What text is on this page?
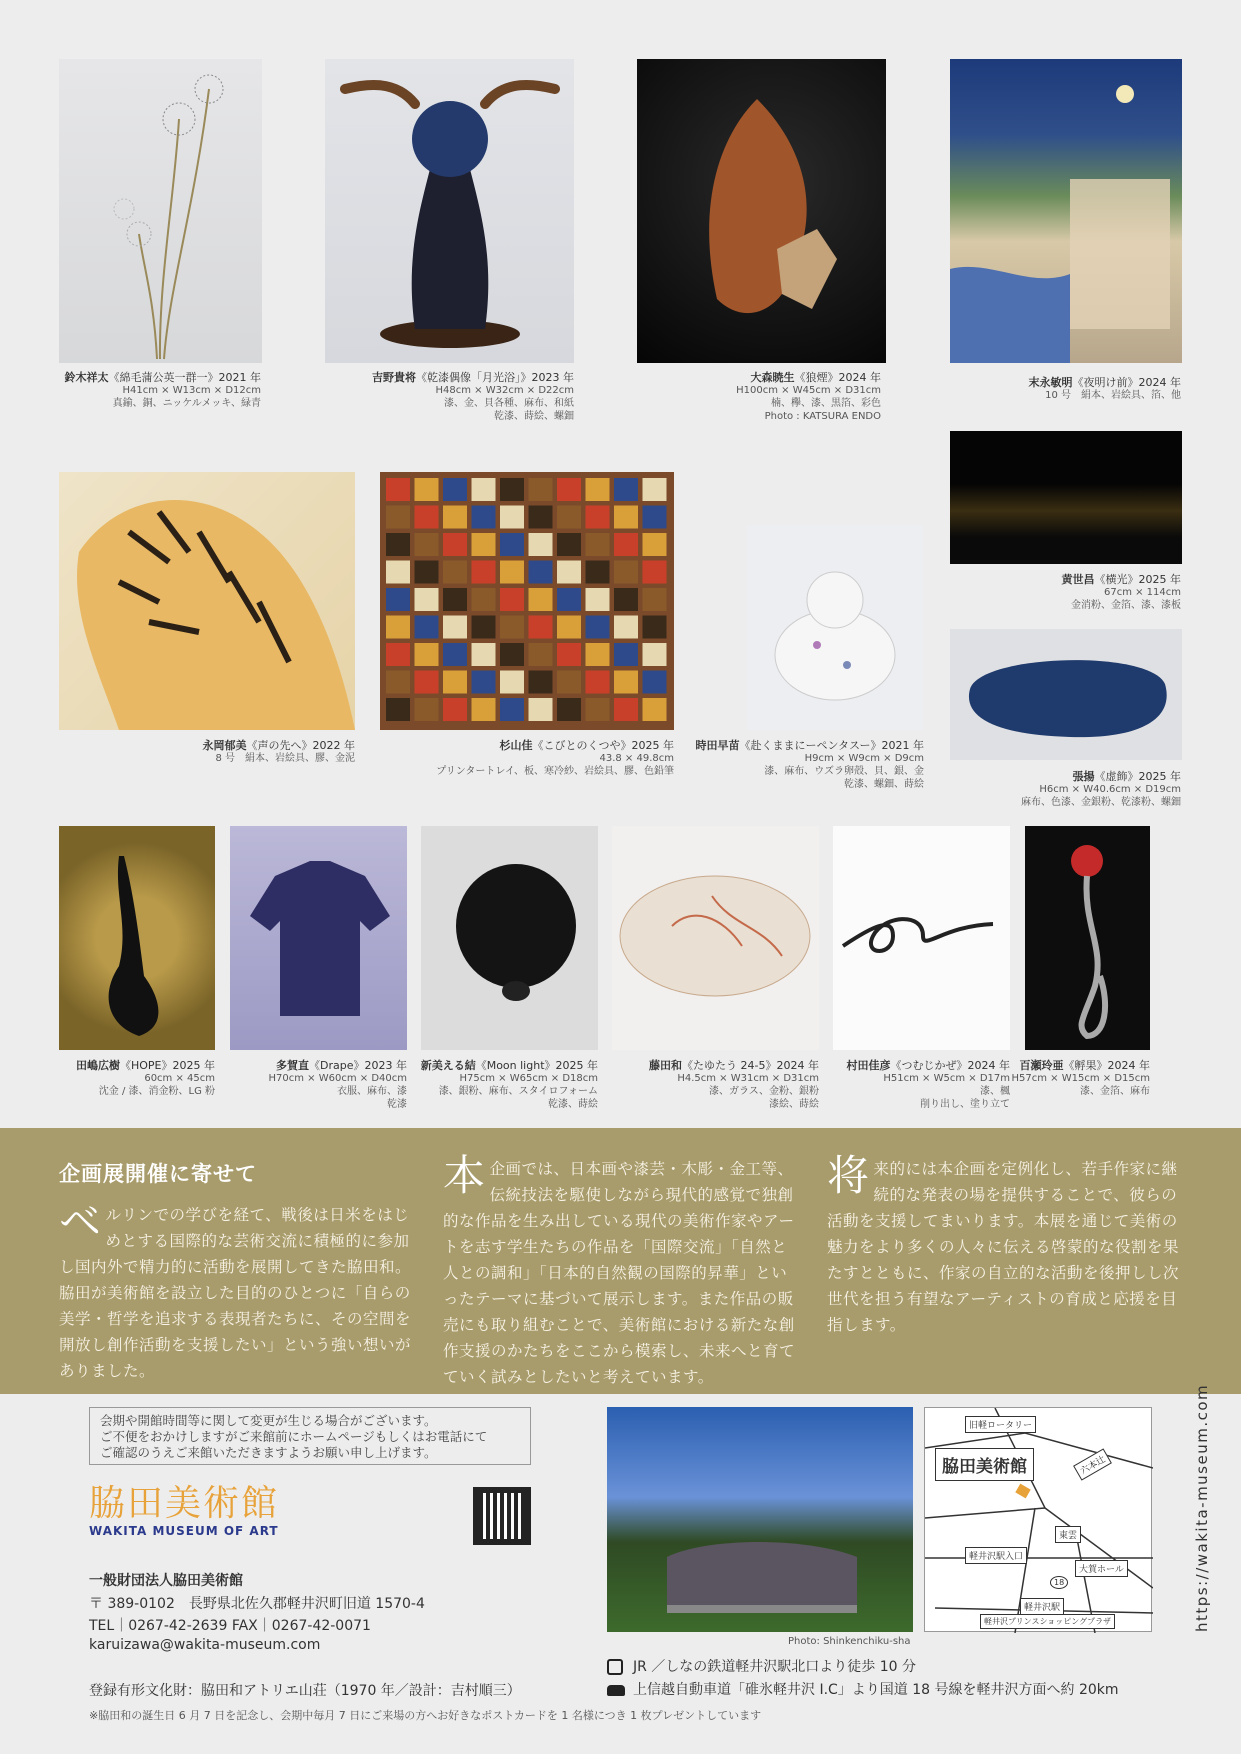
鈴木祥太《綿毛蒲公英一群一》2021 年
H41cm × W13cm × D12cm
真鍮、銅、ニッケルメッキ、緑青
吉野貴将《乾漆偶像「月光浴」》2023 年
H48cm × W32cm × D22cm
漆、金、貝各種、麻布、和紙
乾漆、蒔絵、螺鈿
大森暁生《狼煙》2024 年
H100cm × W45cm × D31cm
楠、欅、漆、黒箔、彩色
Photo : KATSURA ENDO
末永敏明《夜明け前》2024 年
10 号　絹本、岩絵具、箔、他
黄世昌《横光》2025 年
67cm × 114cm
金消粉、金箔、漆、漆板
永岡郁美《声の先へ》2022 年
8 号　絹本、岩絵具、膠、金泥
杉山佳《こびとのくつや》2025 年
43.8 × 49.8cm
プリンタートレイ、板、寒冷紗、岩絵具、膠、色鉛筆
時田早苗《赴くままにーペンタスー》2021 年
H9cm × W9cm × D9cm
漆、麻布、ウズラ卵殻、貝、銀、金
乾漆、螺鈿、蒔絵
張揚《虚飾》2025 年
H6cm × W40.6cm × D19cm
麻布、色漆、金銀粉、乾漆粉、螺鈿
田嶋広樹《HOPE》2025 年
60cm × 45cm
沈金 / 漆、消金粉、LG 粉
多賀直《Drape》2023 年
H70cm × W60cm × D40cm
衣服、麻布、漆
乾漆
新美える結《Moon light》2025 年
H75cm × W65cm × D18cm
漆、銀粉、麻布、スタイロフォーム
乾漆、蒔絵
藤田和《たゆたう 24-5》2024 年
H4.5cm × W31cm × D31cm
漆、ガラス、金粉、銀粉
漆絵、蒔絵
村田佳彦《つむじかぜ》2024 年
H51cm × W5cm × D17m
漆、楓
削り出し、塗り立て
百瀬玲亜《孵果》2024 年
H57cm × W15cm × D15cm
漆、金箔、麻布
企画展開催に寄せて
ベルリンでの学びを経て、戦後は日米をはじめとする国際的な芸術交流に積極的に参加し国内外で精力的に活動を展開してきた脇田和。脇田が美術館を設立した目的のひとつに「自らの美学・哲学を追求する表現者たちに、その空間を開放し創作活動を支援したい」という強い想いがありました。
本企画では、日本画や漆芸・木彫・金工等、伝統技法を駆使しながら現代的感覚で独創的な作品を生み出している現代の美術作家やアートを志す学生たちの作品を「国際交流」「自然と人との調和」「日本的自然観の国際的昇華」といったテーマに基づいて展示します。また作品の販売にも取り組むことで、美術館における新たな創作支援のかたちをここから模索し、未来へと育てていく試みとしたいと考えています。
将来的には本企画を定例化し、若手作家に継続的な発表の場を提供することで、彼らの活動を支援してまいります。本展を通じて美術の魅力をより多くの人々に伝える啓蒙的な役割を果たすとともに、作家の自立的な活動を後押しし次世代を担う有望なアーティストの育成と応援を目指します。
会期や開館時間等に関して変更が生じる場合がございます。
ご不便をおかけしますがご来館前にホームページもしくはお電話にて
ご確認のうえご来館いただきますようお願い申し上げます。
脇田美術館
WAKITA MUSEUM OF ART
一般財団法人脇田美術館
〒 389-0102　長野県北佐久郡軽井沢町旧道 1570-4
TEL｜0267-42-2639 FAX｜0267-42-0071
karuizawa@wakita-museum.com
登録有形文化財：脇田和アトリエ山荘（1970 年／設計：吉村順三）
※脇田和の誕生日 6 月 7 日を記念し、会期中毎月 7 日にご来場の方へお好きなポストカードを 1 名様につき 1 枚プレゼントしています
Photo: Shinkenchiku-sha
脇田美術館
旧軽ロータリー
六本辻
東雲
軽井沢駅入口
大賀ホール
18
軽井沢駅
軽井沢プリンスショッピングプラザ	https://wakita-museum.com
JR ／しなの鉄道軽井沢駅北口より徒歩 10 分
上信越自動車道「碓氷軽井沢 I.C」より国道 18 号線を軽井沢方面へ約 20km
